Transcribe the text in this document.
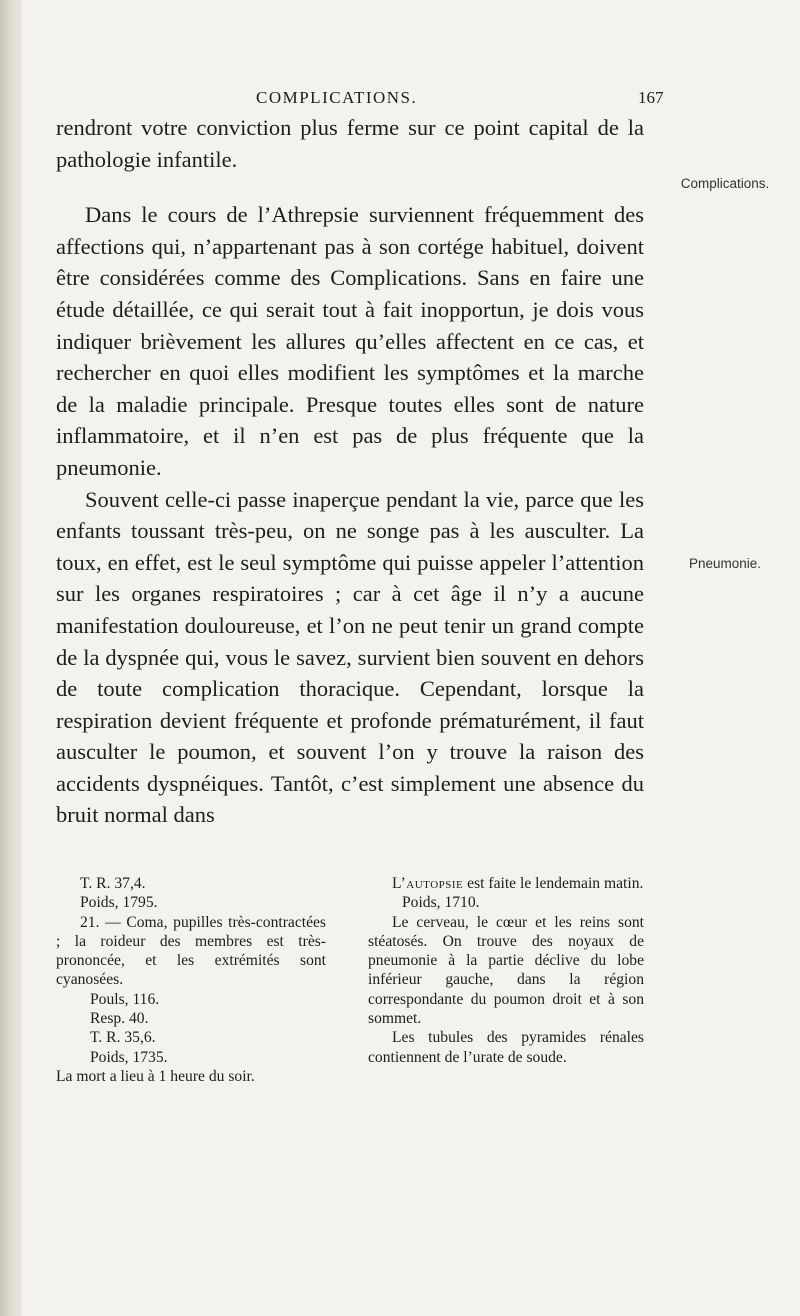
COMPLICATIONS.	167

rendront votre conviction plus ferme sur ce point capital de la pathologie infantile.

Dans le cours de l’Athrepsie surviennent fréquemment des affections qui, n’appartenant pas à son cortége habituel, doivent être considérées comme des Complications. Sans en faire une étude détaillée, ce qui serait tout à fait inopportun, je dois vous indiquer brièvement les allures qu’elles affectent en ce cas, et rechercher en quoi elles modifient les symptômes et la marche de la maladie principale. Presque toutes elles sont de nature inflammatoire, et il n’en est pas de plus fréquente que la pneumonie.

Souvent celle-ci passe inaperçue pendant la vie, parce que les enfants toussant très-peu, on ne songe pas à les ausculter. La toux, en effet, est le seul symptôme qui puisse appeler l’attention sur les organes respiratoires ; car à cet âge il n’y a aucune manifestation douloureuse, et l’on ne peut tenir un grand compte de la dyspnée qui, vous le savez, survient bien souvent en dehors de toute complication thoracique. Cependant, lorsque la respiration devient fréquente et profonde prématurément, il faut ausculter le poumon, et souvent l’on y trouve la raison des accidents dyspnéiques. Tantôt, c’est simplement une absence du bruit normal dans

Complications.
Pneumonie.

T. R. 37,4.

Poids, 1795.

21. — Coma, pupilles très-contractées ; la roideur des membres est très-prononcée, et les extrémités sont cyanosées.

Pouls, 116.

Resp. 40.

T. R. 35,6.

Poids, 1735.

La mort a lieu à 1 heure du soir.

L’autopsie est faite le lendemain matin.

Poids, 1710.

Le cerveau, le cœur et les reins sont stéatosés. On trouve des noyaux de pneumonie à la partie déclive du lobe inférieur gauche, dans la région correspondante du poumon droit et à son sommet.

Les tubules des pyramides rénales contiennent de l’urate de soude.
